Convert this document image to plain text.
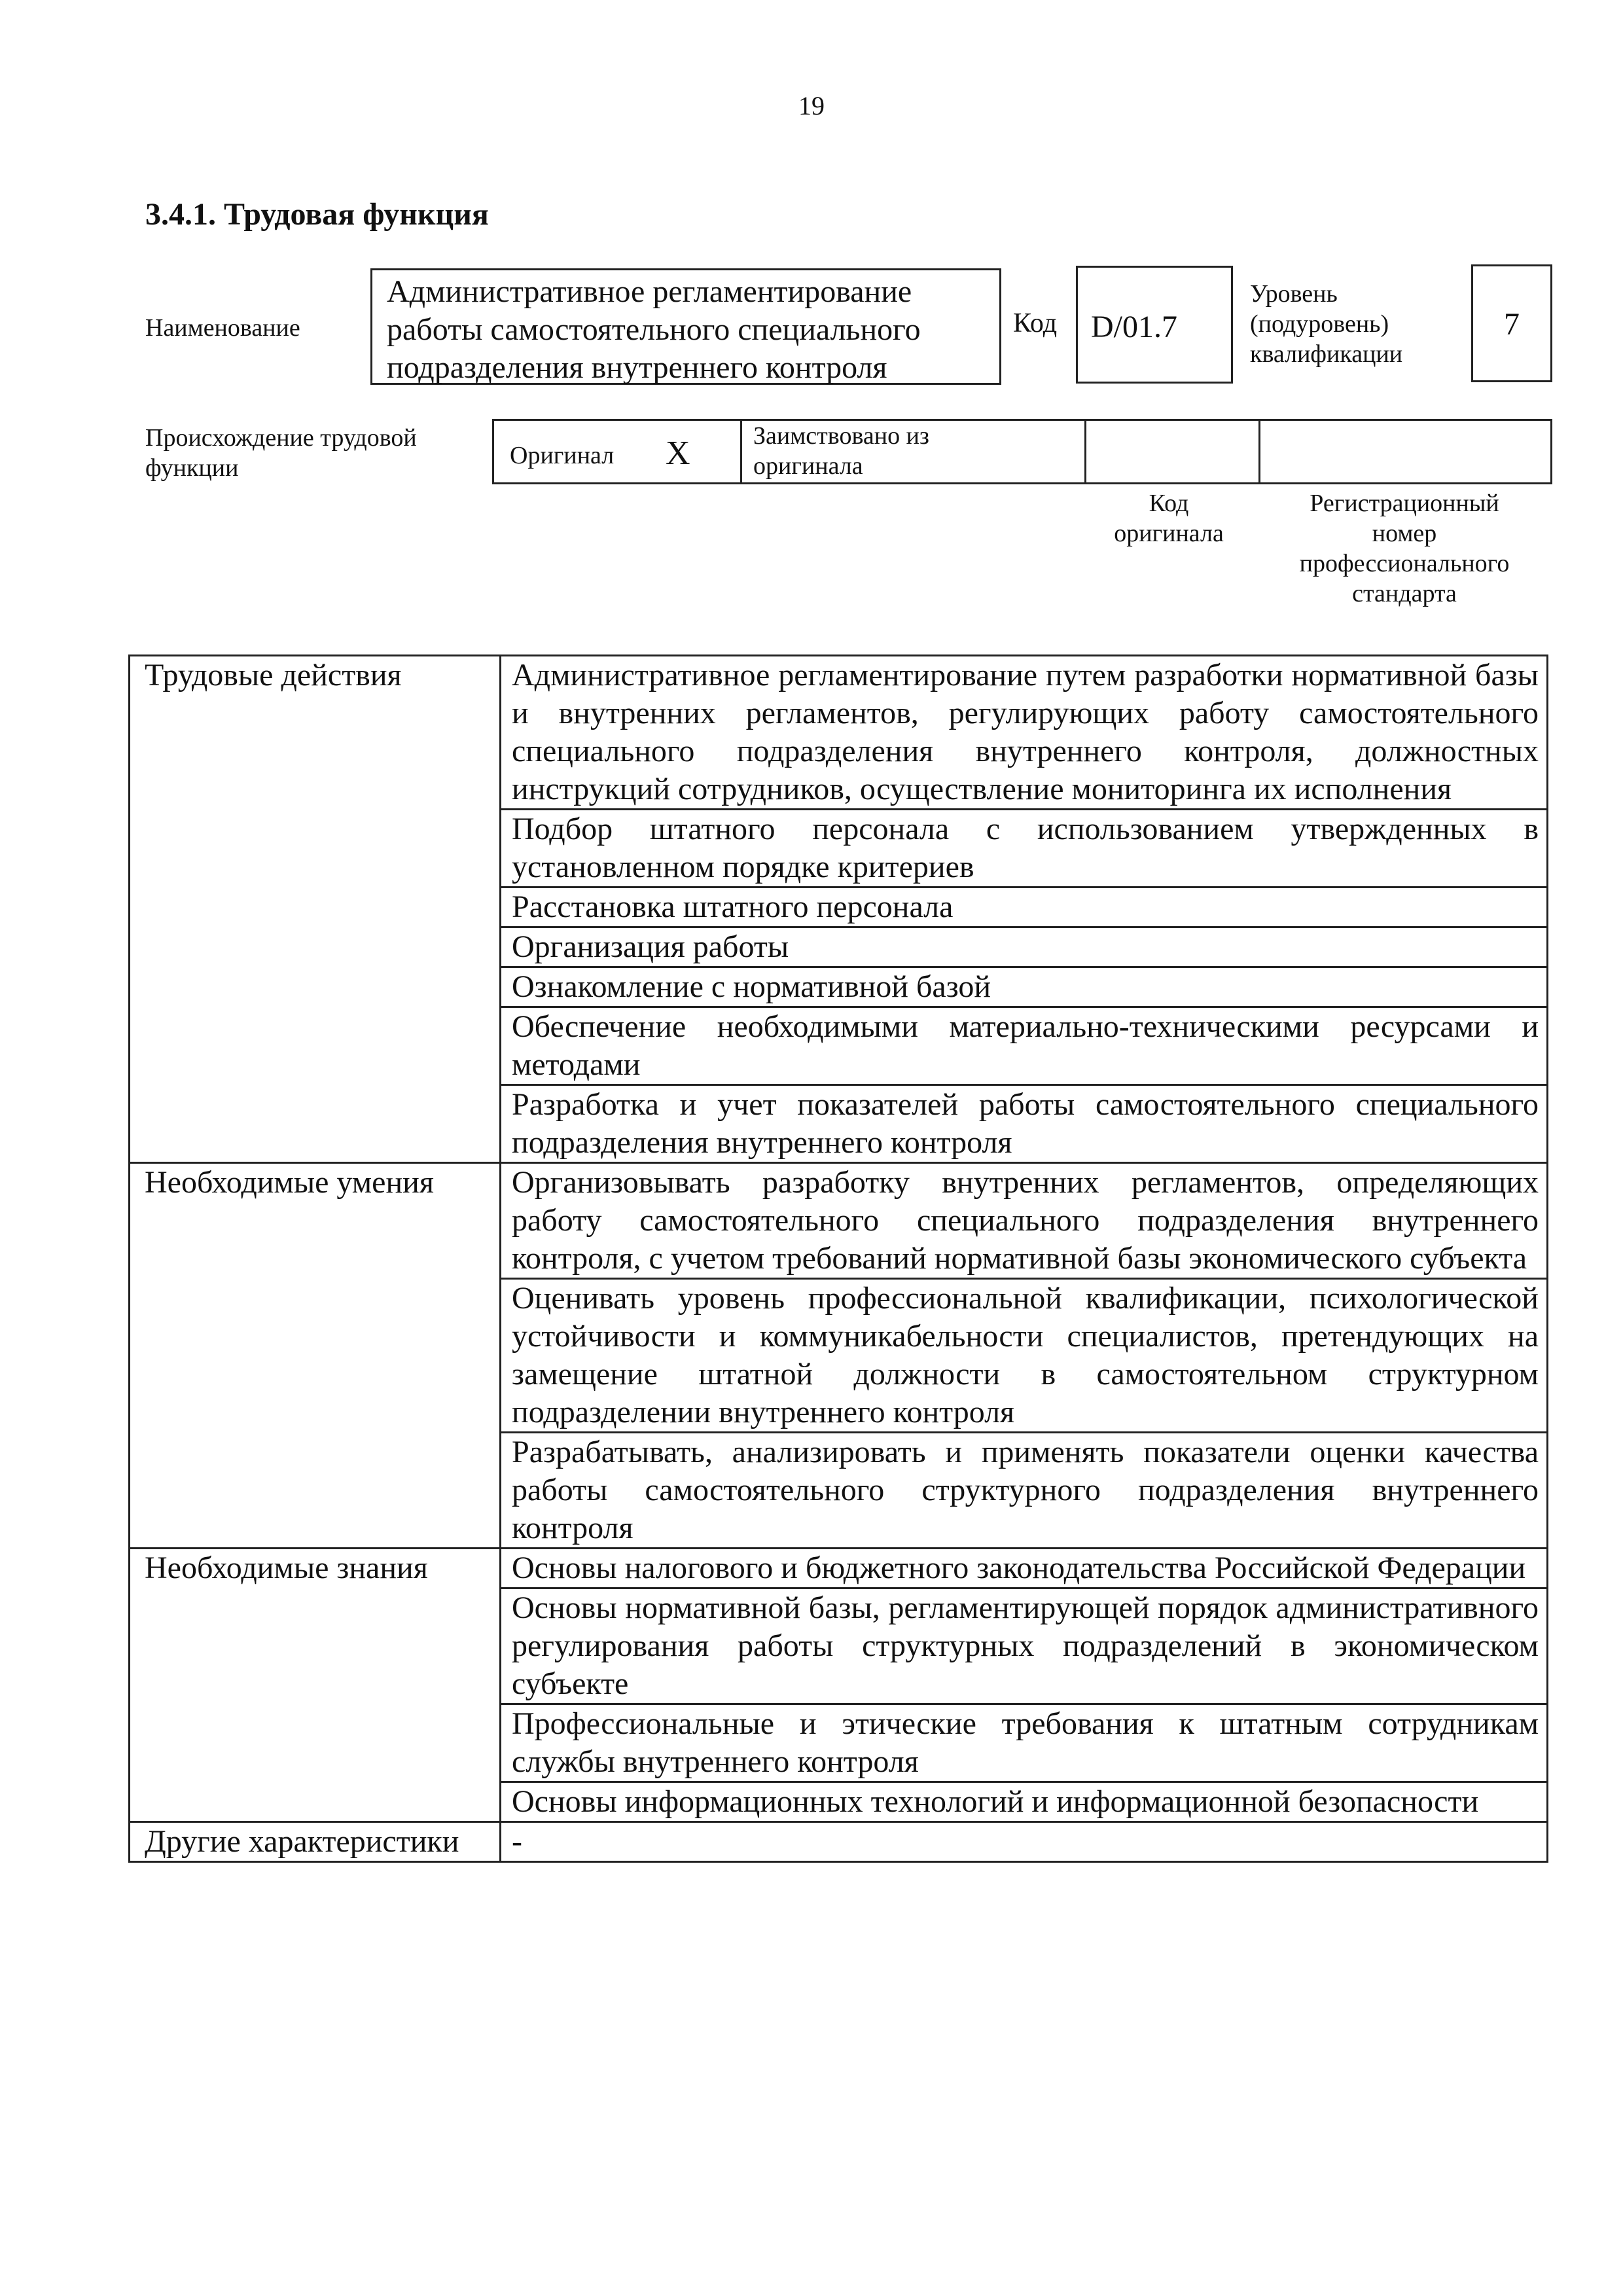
19
3.4.1. Трудовая функция
Наименование
Административное регламентирование
работы самостоятельного специального
подразделения внутреннего контроля
Код	D/01.7
Уровень
(подуровень)
квалификации
7
Происхождение трудовой
функции	Оригинал X	Заимствовано из
оригинала
Код
оригинала
Регистрационный
номер
профессионального
стандарта
Трудовые действия	Административное регламентирование путем разработки нормативной базы и внутренних регламентов, регулирующих работу самостоятельного специального подразделения внутреннего контроля, должностных инструкций сотрудников, осуществление мониторинга их исполнения
	Подбор штатного персонала с использованием утвержденных в установленном порядке критериев
	Расстановка штатного персонала
	Организация работы
	Ознакомление с нормативной базой
	Обеспечение необходимыми материально-техническими ресурсами и методами
	Разработка и учет показателей работы самостоятельного специального подразделения внутреннего контроля
Необходимые умения	Организовывать разработку внутренних регламентов, определяющих работу самостоятельного специального подразделения внутреннего контроля, с учетом требований нормативной базы экономического субъекта
	Оценивать уровень профессиональной квалификации, психологической устойчивости и коммуникабельности специалистов, претендующих на замещение штатной должности в самостоятельном структурном подразделении внутреннего контроля
	Разрабатывать, анализировать и применять показатели оценки качества работы самостоятельного структурного подразделения внутреннего контроля
Необходимые знания	Основы налогового и бюджетного законодательства Российской Федерации
	Основы нормативной базы, регламентирующей порядок административного регулирования работы структурных подразделений в экономическом субъекте
	Профессиональные и этические требования к штатным сотрудникам службы внутреннего контроля
	Основы информационных технологий и информационной безопасности
Другие характеристики	-
